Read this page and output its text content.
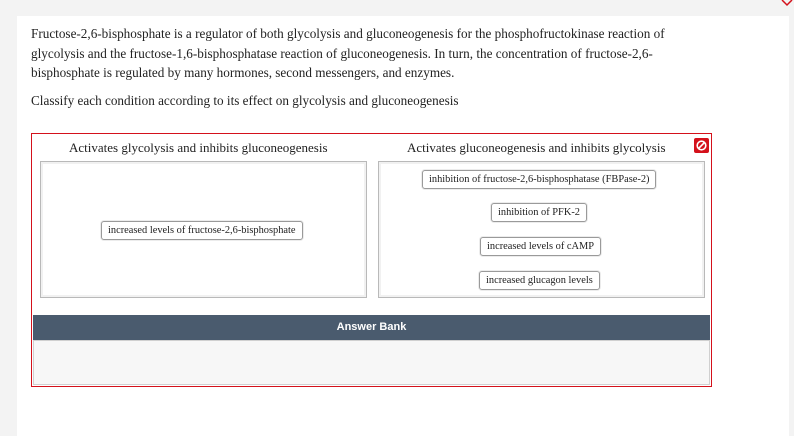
Fructose-2,6-bisphosphate is a regulator of both glycolysis and gluconeogenesis for the phosphofructokinase reaction of glycolysis and the fructose-1,6-bisphosphatase reaction of gluconeogenesis. In turn, the concentration of fructose-2,6-bisphosphate is regulated by many hormones, second messengers, and enzymes.
Classify each condition according to its effect on glycolysis and gluconeogenesis
Activates glycolysis and inhibits gluconeogenesis	Activates gluconeogenesis and inhibits glycolysis
increased levels of fructose-2,6-bisphosphate
inhibition of fructose-2,6-bisphosphatase (FBPase-2)
inhibition of PFK-2
increased levels of cAMP
increased glucagon levels
Answer Bank
